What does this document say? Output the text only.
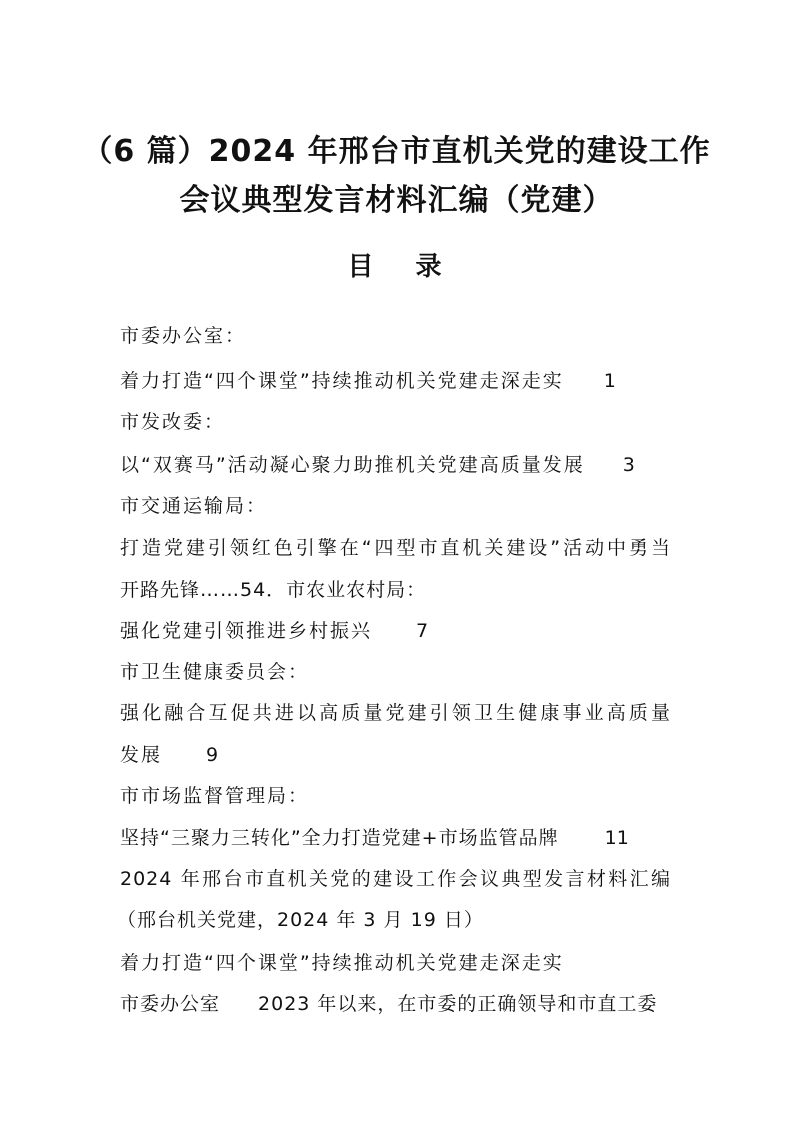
（6 篇）2024 年邢台市直机关党的建设工作
会议典型发言材料汇编（党建）
目 录
市委办公室：
着力打造“四个课堂”持续推动机关党建走深走实 1
市发改委：
以“双赛马”活动凝心聚力助推机关党建高质量发展 3
市交通运输局：
打造党建引领红色引擎在“四型市直机关建设”活动中勇当
开路先锋……54．市农业农村局：
强化党建引领推进乡村振兴 7
市卫生健康委员会：
强化融合互促共进以高质量党建引领卫生健康事业高质量
发展 9
市市场监督管理局：
坚持“三聚力三转化”全力打造党建+市场监管品牌 11
2024 年邢台市直机关党的建设工作会议典型发言材料汇编
（邢台机关党建，2024 年 3 月 19 日）
着力打造“四个课堂”持续推动机关党建走深走实
市委办公室 2023 年以来，在市委的正确领导和市直工委
